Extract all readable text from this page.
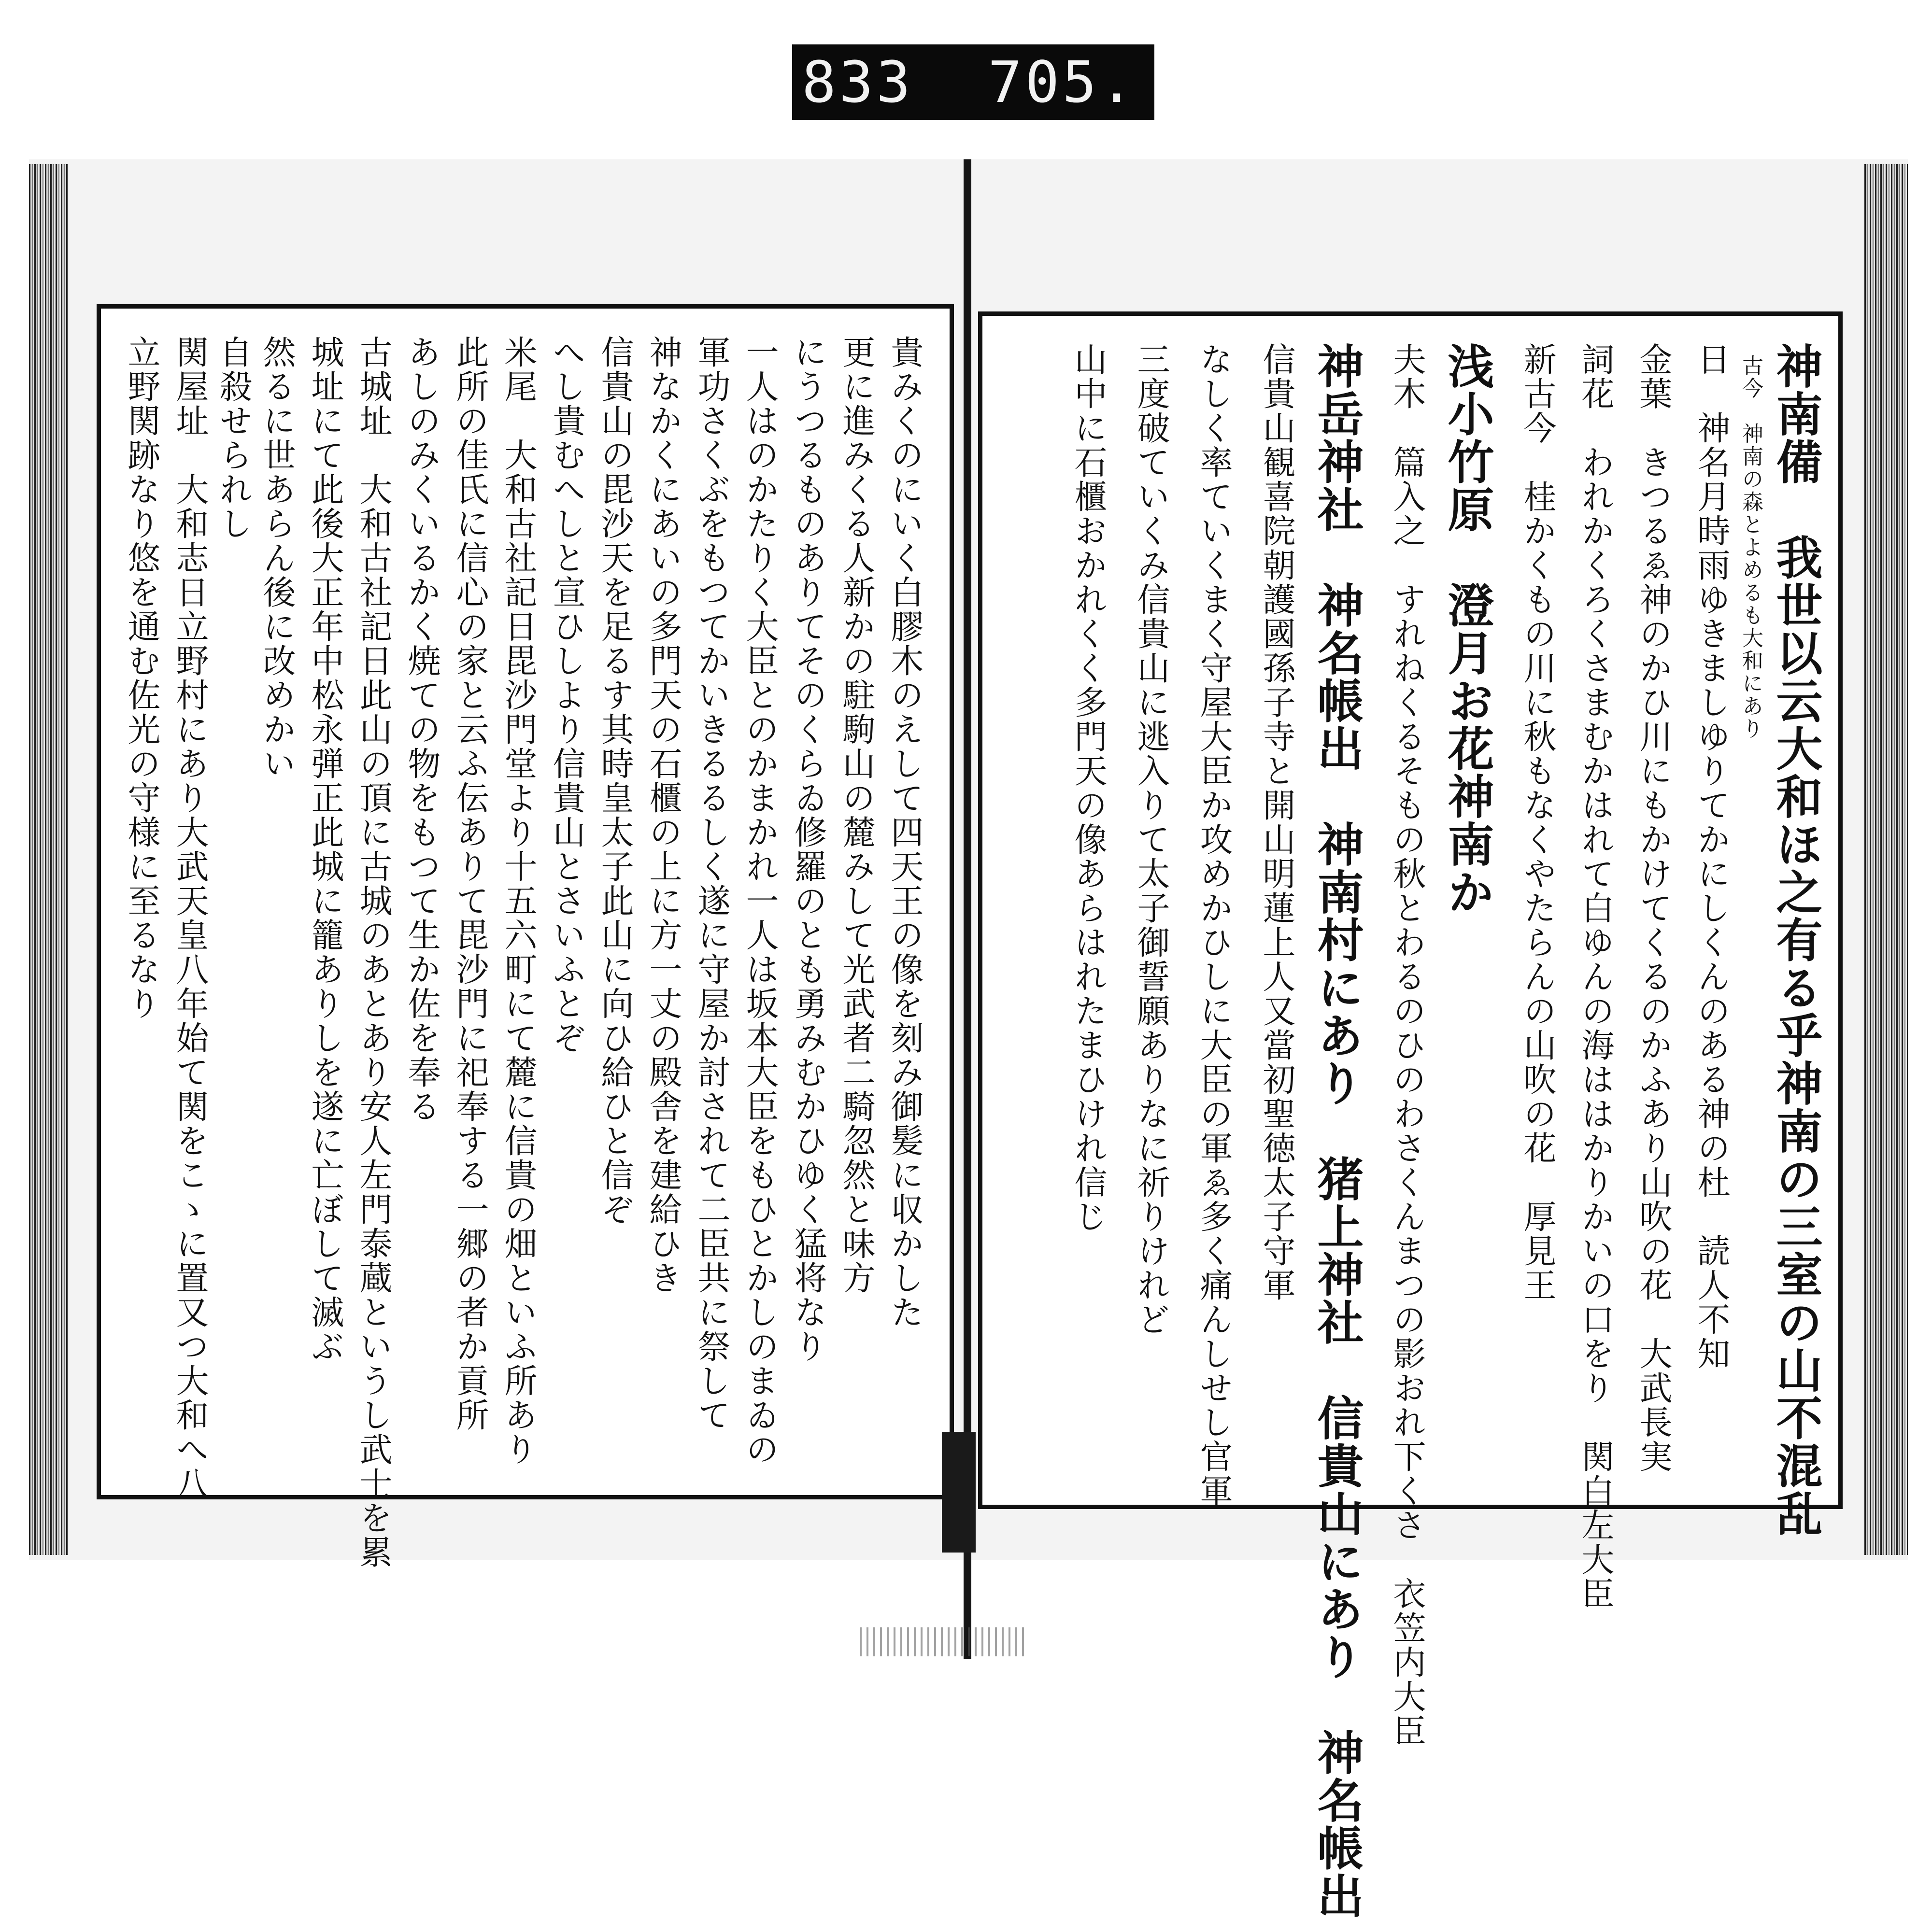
833  705.
貴みくのにいく白膠木のえして四天王の像を刻み御髪に収かした
更に進みくる人新かの駐駒山の麓みして光武者二騎忽然と味方
にうつるものありてそのくらゐ修羅のとも勇みむかひゆく猛将なり
一人はのかたりく大臣とのかまかれ一人は坂本大臣をもひとかしのまゐの
軍功さくぶをもつてかいきるるしく遂に守屋か討されて二臣共に祭して
神なかくにあいの多門天の石櫃の上に方一丈の殿舎を建給ひき
信貴山の毘沙天を足るす其時皇太子此山に向ひ給ひと信ぞ
へし貴むへしと宣ひしより信貴山とさいふとぞ
米尾　大和古社記日毘沙門堂より十五六町にて麓に信貴の畑といふ所あり
此所の佳氏に信心の家と云ふ伝ありて毘沙門に祀奉する一郷の者か貢所
あしのみくいるかく焼ての物をもつて生か佐を奉る
古城址　大和古社記日此山の頂に古城のあとあり安人左門泰蔵というし武士を累
城址にて此後大正年中松永弾正此城に籠ありしを遂に亡ぼして滅ぶ
然るに世あらん後に改めかい
自殺せられし
関屋址　大和志日立野村にあり大武天皇八年始て関をこゝに置又つ大和へ八
立野関跡なり悠を通む佐光の守様に至るなり	神南備　我世以云大和ほ之有る乎神南の三室の山不混乱
古今　神南の森とよめるも大和にあり
日　神名月時雨ゆきましゆりてかにしくんのある神の杜　読人不知
金葉　きつるゑ神のかひ川にもかけてくるのかふあり山吹の花　大武長実
詞花　われかくろくさまむかはれて白ゆんの海ははかりかいの口をり　関白左大臣
新古今　桂かくもの川に秋もなくやたらんの山吹の花　厚見王
浅小竹原　澄月お花神南か
夫木　篇入之　すれねくるそもの秋とわるのひのわさくんまつの影おれ下くさ　衣笠内大臣
神岳神社　神名帳出　神南村にあり　猪上神社　信貴山にあり　神名帳出
信貴山観喜院朝護國孫子寺と開山明蓮上人又當初聖徳太子守軍
なしく率ていくまく守屋大臣か攻めかひしに大臣の軍ゑ多く痛んしせし官軍
三度破ていくみ信貴山に逃入りて太子御誓願ありなに祈りけれど
山中に石櫃おかれくく多門天の像あらはれたまひけれ信じ
